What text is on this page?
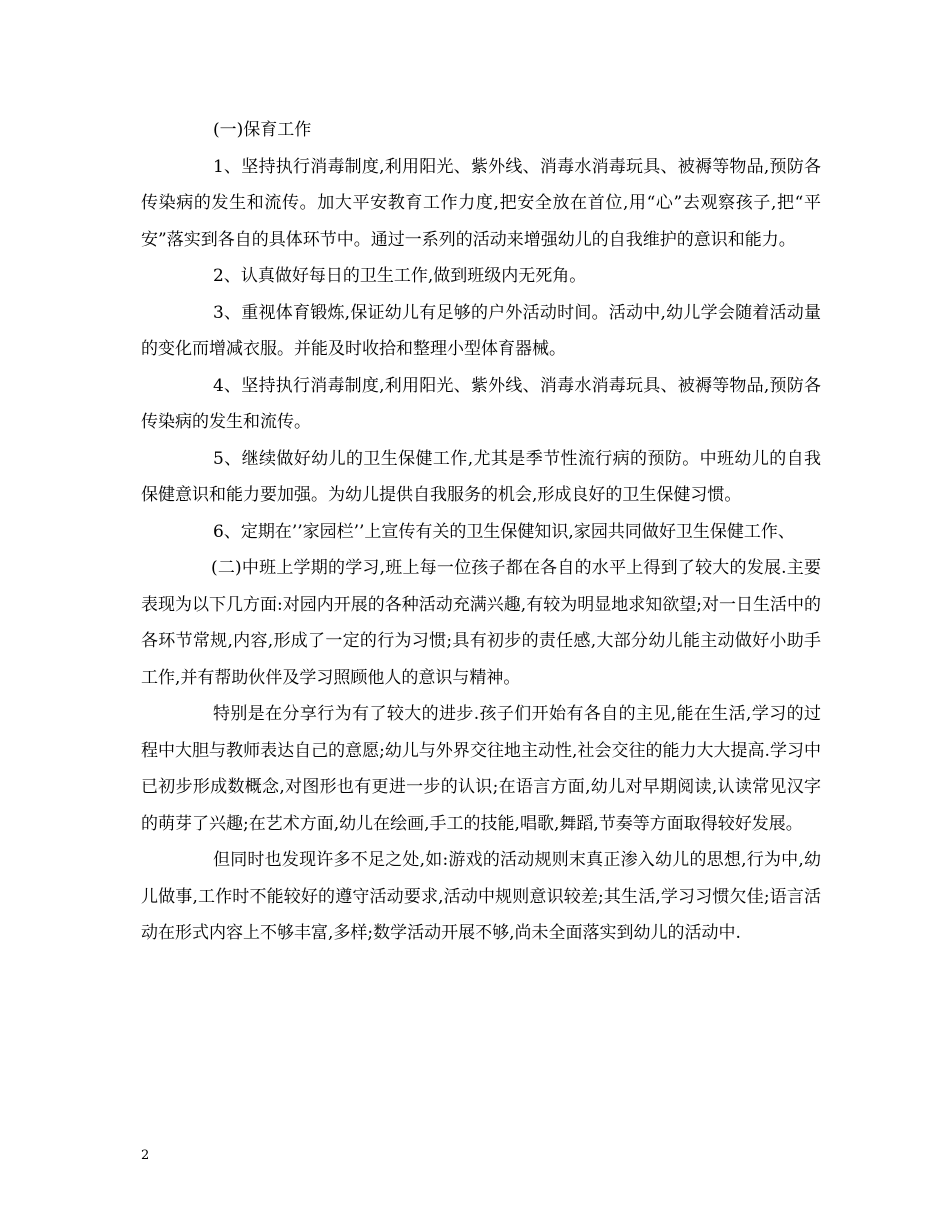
(一)保育工作

1、坚持执行消毒制度,利用阳光、紫外线、消毒水消毒玩具、被褥等物品,预防各传染病的发生和流传。加大平安教育工作力度,把安全放在首位,用“心”去观察孩子,把“平安”落实到各自的具体环节中。通过一系列的活动来增强幼儿的自我维护的意识和能力。

2、认真做好每日的卫生工作,做到班级内无死角。

3、重视体育锻炼,保证幼儿有足够的户外活动时间。活动中,幼儿学会随着活动量的变化而增减衣服。并能及时收拾和整理小型体育器械。

4、坚持执行消毒制度,利用阳光、紫外线、消毒水消毒玩具、被褥等物品,预防各传染病的发生和流传。

5、继续做好幼儿的卫生保健工作,尤其是季节性流行病的预防。中班幼儿的自我保健意识和能力要加强。为幼儿提供自我服务的机会,形成良好的卫生保健习惯。

6、定期在’’家园栏’’上宣传有关的卫生保健知识,家园共同做好卫生保健工作、

(二)中班上学期的学习,班上每一位孩子都在各自的水平上得到了较大的发展.主要表现为以下几方面:对园内开展的各种活动充满兴趣,有较为明显地求知欲望;对一日生活中的各环节常规,内容,形成了一定的行为习惯;具有初步的责任感,大部分幼儿能主动做好小助手工作,并有帮助伙伴及学习照顾他人的意识与精神。

特别是在分享行为有了较大的进步.孩子们开始有各自的主见,能在生活,学习的过程中大胆与教师表达自己的意愿;幼儿与外界交往地主动性,社会交往的能力大大提高.学习中已初步形成数概念,对图形也有更进一步的认识;在语言方面,幼儿对早期阅读,认读常见汉字的萌芽了兴趣;在艺术方面,幼儿在绘画,手工的技能,唱歌,舞蹈,节奏等方面取得较好发展。

但同时也发现许多不足之处,如:游戏的活动规则末真正渗入幼儿的思想,行为中,幼儿做事,工作时不能较好的遵守活动要求,活动中规则意识较差;其生活,学习习惯欠佳;语言活动在形式内容上不够丰富,多样;数学活动开展不够,尚未全面落实到幼儿的活动中.

2
